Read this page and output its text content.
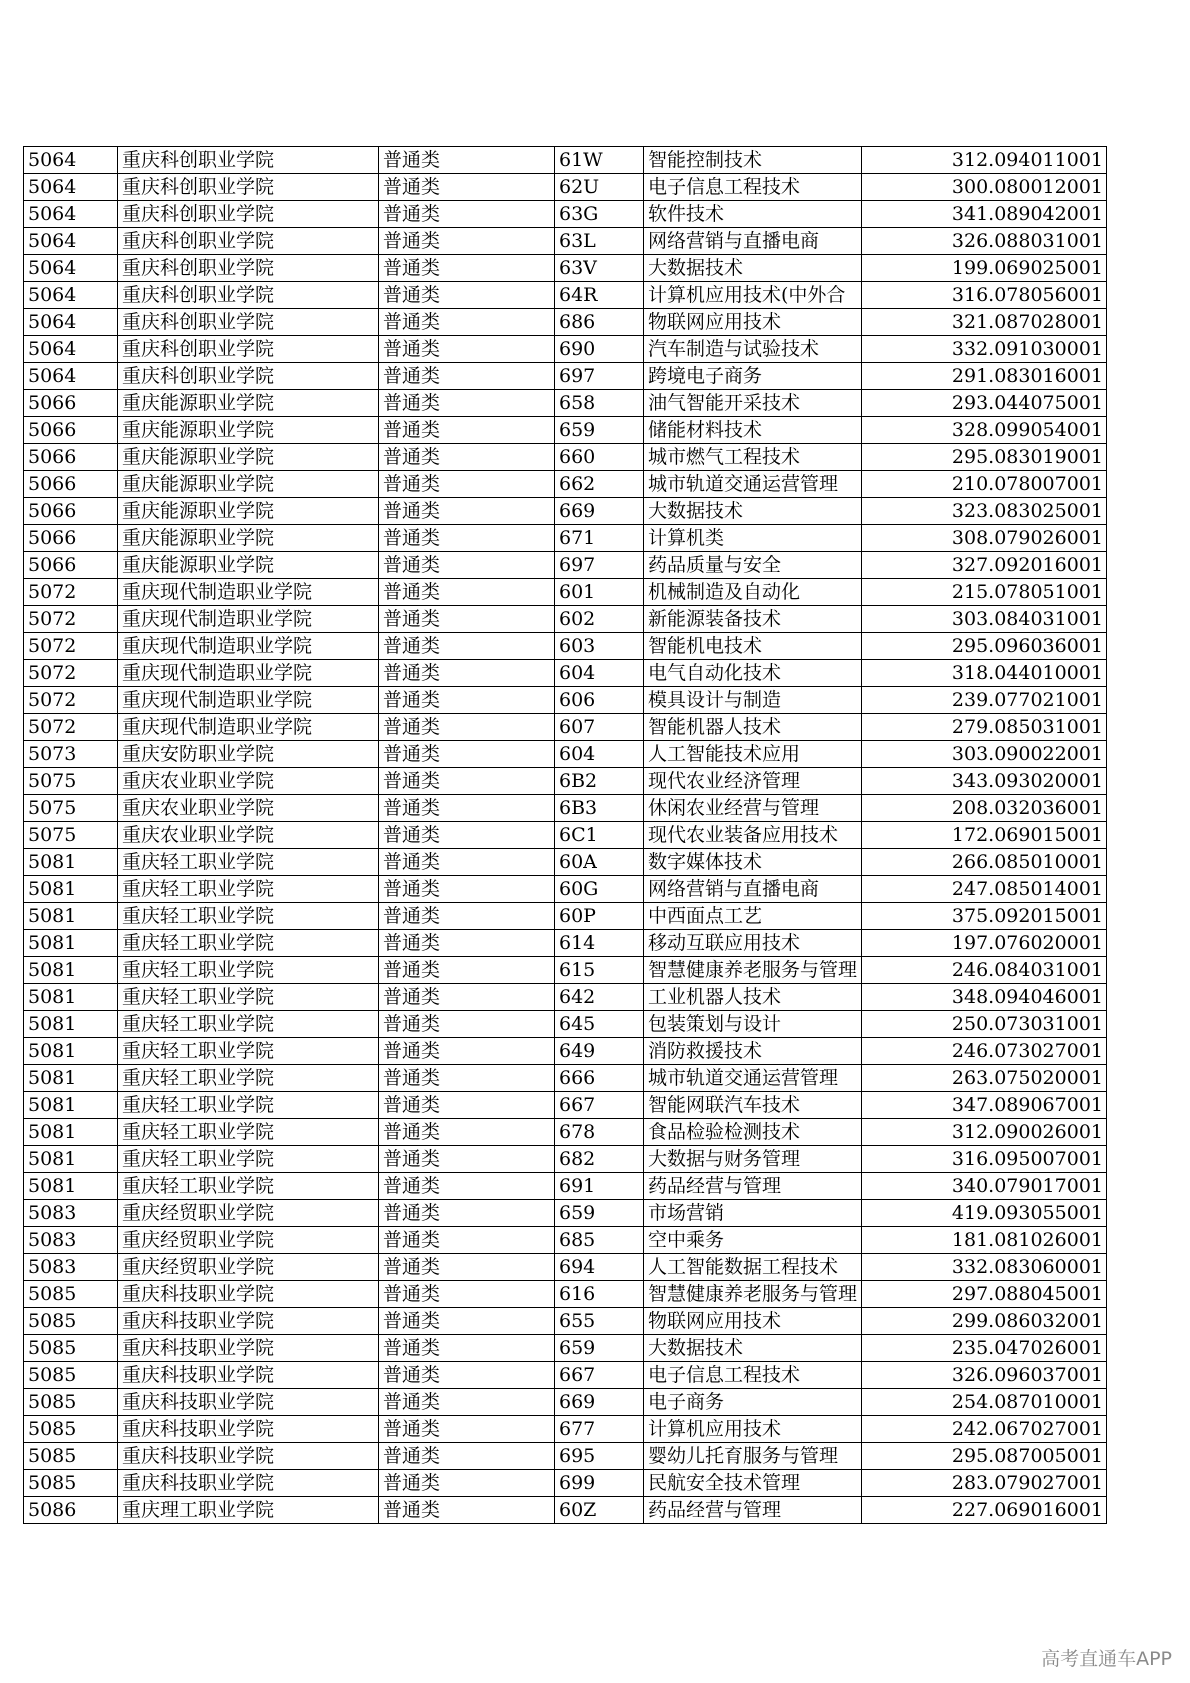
5064	重庆科创职业学院	普通类	61W	智能控制技术	312.094011001
5064	重庆科创职业学院	普通类	62U	电子信息工程技术	300.080012001
5064	重庆科创职业学院	普通类	63G	软件技术	341.089042001
5064	重庆科创职业学院	普通类	63L	网络营销与直播电商	326.088031001
5064	重庆科创职业学院	普通类	63V	大数据技术	199.069025001
5064	重庆科创职业学院	普通类	64R	计算机应用技术(中外合	316.078056001
5064	重庆科创职业学院	普通类	686	物联网应用技术	321.087028001
5064	重庆科创职业学院	普通类	690	汽车制造与试验技术	332.091030001
5064	重庆科创职业学院	普通类	697	跨境电子商务	291.083016001
5066	重庆能源职业学院	普通类	658	油气智能开采技术	293.044075001
5066	重庆能源职业学院	普通类	659	储能材料技术	328.099054001
5066	重庆能源职业学院	普通类	660	城市燃气工程技术	295.083019001
5066	重庆能源职业学院	普通类	662	城市轨道交通运营管理	210.078007001
5066	重庆能源职业学院	普通类	669	大数据技术	323.083025001
5066	重庆能源职业学院	普通类	671	计算机类	308.079026001
5066	重庆能源职业学院	普通类	697	药品质量与安全	327.092016001
5072	重庆现代制造职业学院	普通类	601	机械制造及自动化	215.078051001
5072	重庆现代制造职业学院	普通类	602	新能源装备技术	303.084031001
5072	重庆现代制造职业学院	普通类	603	智能机电技术	295.096036001
5072	重庆现代制造职业学院	普通类	604	电气自动化技术	318.044010001
5072	重庆现代制造职业学院	普通类	606	模具设计与制造	239.077021001
5072	重庆现代制造职业学院	普通类	607	智能机器人技术	279.085031001
5073	重庆安防职业学院	普通类	604	人工智能技术应用	303.090022001
5075	重庆农业职业学院	普通类	6B2	现代农业经济管理	343.093020001
5075	重庆农业职业学院	普通类	6B3	休闲农业经营与管理	208.032036001
5075	重庆农业职业学院	普通类	6C1	现代农业装备应用技术	172.069015001
5081	重庆轻工职业学院	普通类	60A	数字媒体技术	266.085010001
5081	重庆轻工职业学院	普通类	60G	网络营销与直播电商	247.085014001
5081	重庆轻工职业学院	普通类	60P	中西面点工艺	375.092015001
5081	重庆轻工职业学院	普通类	614	移动互联应用技术	197.076020001
5081	重庆轻工职业学院	普通类	615	智慧健康养老服务与管理	246.084031001
5081	重庆轻工职业学院	普通类	642	工业机器人技术	348.094046001
5081	重庆轻工职业学院	普通类	645	包装策划与设计	250.073031001
5081	重庆轻工职业学院	普通类	649	消防救援技术	246.073027001
5081	重庆轻工职业学院	普通类	666	城市轨道交通运营管理	263.075020001
5081	重庆轻工职业学院	普通类	667	智能网联汽车技术	347.089067001
5081	重庆轻工职业学院	普通类	678	食品检验检测技术	312.090026001
5081	重庆轻工职业学院	普通类	682	大数据与财务管理	316.095007001
5081	重庆轻工职业学院	普通类	691	药品经营与管理	340.079017001
5083	重庆经贸职业学院	普通类	659	市场营销	419.093055001
5083	重庆经贸职业学院	普通类	685	空中乘务	181.081026001
5083	重庆经贸职业学院	普通类	694	人工智能数据工程技术	332.083060001
5085	重庆科技职业学院	普通类	616	智慧健康养老服务与管理	297.088045001
5085	重庆科技职业学院	普通类	655	物联网应用技术	299.086032001
5085	重庆科技职业学院	普通类	659	大数据技术	235.047026001
5085	重庆科技职业学院	普通类	667	电子信息工程技术	326.096037001
5085	重庆科技职业学院	普通类	669	电子商务	254.087010001
5085	重庆科技职业学院	普通类	677	计算机应用技术	242.067027001
5085	重庆科技职业学院	普通类	695	婴幼儿托育服务与管理	295.087005001
5085	重庆科技职业学院	普通类	699	民航安全技术管理	283.079027001
5086	重庆理工职业学院	普通类	60Z	药品经营与管理	227.069016001
高考直通车APP
